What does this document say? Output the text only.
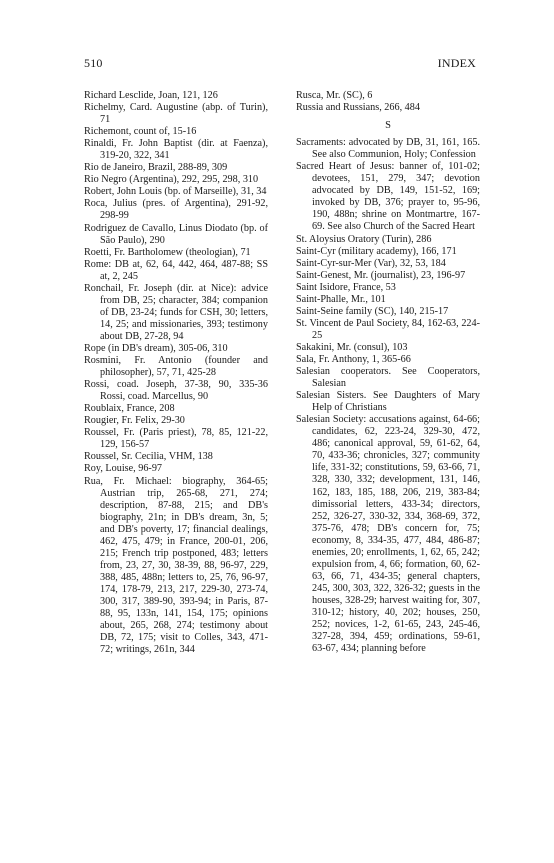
510	INDEX
Richard Lesclide, Joan, 121, 126
Richelmy, Card. Augustine (abp. of Turin), 71
Richemont, count of, 15-16
Rinaldi, Fr. John Baptist (dir. at Faenza), 319-20, 322, 341
Rio de Janeiro, Brazil, 288-89, 309
Rio Negro (Argentina), 292, 295, 298, 310
Robert, John Louis (bp. of Marseille), 31, 34
Roca, Julius (pres. of Argentina), 291-92, 298-99
Rodriguez de Cavallo, Linus Diodato (bp. of São Paulo), 290
Roetti, Fr. Bartholomew (theologian), 71
Rome: DB at, 62, 64, 442, 464, 487-88; SS at, 2, 245
Ronchail, Fr. Joseph (dir. at Nice): advice from DB, 25; character, 384; companion of DB, 23-24; funds for CSH, 30; letters, 14, 25; and missionaries, 393; testimony about DB, 27-28, 94
Rope (in DB's dream), 305-06, 310
Rosmini, Fr. Antonio (founder and philosopher), 57, 71, 425-28
Rossi, coad. Joseph, 37-38, 90, 335-36 Rossi, coad. Marcellus, 90
Roublaix, France, 208
Rougier, Fr. Felix, 29-30
Roussel, Fr. (Paris priest), 78, 85, 121-22, 129, 156-57
Roussel, Sr. Cecilia, VHM, 138
Roy, Louise, 96-97
Rua, Fr. Michael: biography, 364-65; Austrian trip, 265-68, 271, 274; description, 87-88, 215; and DB's biography, 21n; in DB's dream, 3n, 5; and DB's poverty, 17; financial dealings, 462, 475, 479; in France, 200-01, 206, 215; French trip postponed, 483; letters from, 23, 27, 30, 38-39, 88, 96-97, 229, 388, 485, 488n; letters to, 25, 76, 96-97, 174, 178-79, 213, 217, 229-30, 273-74, 300, 317, 389-90, 393-94; in Paris, 87-88, 95, 133n, 141, 154, 175; opinions about, 265, 268, 274; testimony about DB, 72, 175; visit to Colles, 343, 471-72; writings, 261n, 344
Rusca, Mr. (SC), 6
Russia and Russians, 266, 484
S
Sacraments: advocated by DB, 31, 161, 165. See also Communion, Holy; Confession
Sacred Heart of Jesus: banner of, 101-02; devotees, 151, 279, 347; devotion advocated by DB, 149, 151-52, 169; invoked by DB, 376; prayer to, 95-96, 190, 488n; shrine on Montmartre, 167-69. See also Church of the Sacred Heart
St. Aloysius Oratory (Turin), 286
Saint-Cyr (military academy), 166, 171
Saint-Cyr-sur-Mer (Var), 32, 53, 184
Saint-Genest, Mr. (journalist), 23, 196-97
Saint Isidore, France, 53
Saint-Phalle, Mr., 101
Saint-Seine family (SC), 140, 215-17
St. Vincent de Paul Society, 84, 162-63, 224-25
Sakakini, Mr. (consul), 103
Sala, Fr. Anthony, 1, 365-66
Salesian cooperators. See Cooperators, Salesian
Salesian Sisters. See Daughters of Mary Help of Christians
Salesian Society: accusations against, 64-66; candidates, 62, 223-24, 329-30, 472, 486; canonical approval, 59, 61-62, 64, 70, 433-36; chronicles, 327; community life, 331-32; constitutions, 59, 63-66, 71, 328, 330, 332; development, 131, 146, 162, 183, 185, 188, 206, 219, 383-84; dimissorial letters, 433-34; directors, 252, 326-27, 330-32, 334, 368-69, 372, 375-76, 478; DB's concern for, 75; economy, 8, 334-35, 477, 484, 486-87; enemies, 20; enrollments, 1, 62, 65, 242; expulsion from, 4, 66; formation, 60, 62-63, 66, 71, 434-35; general chapters, 245, 300, 303, 322, 326-32; guests in the houses, 328-29; harvest waiting for, 307, 310-12; history, 40, 202; houses, 250, 252; novices, 1-2, 61-65, 243, 245-46, 327-28, 394, 459; ordinations, 59-61, 63-67, 434; planning before
